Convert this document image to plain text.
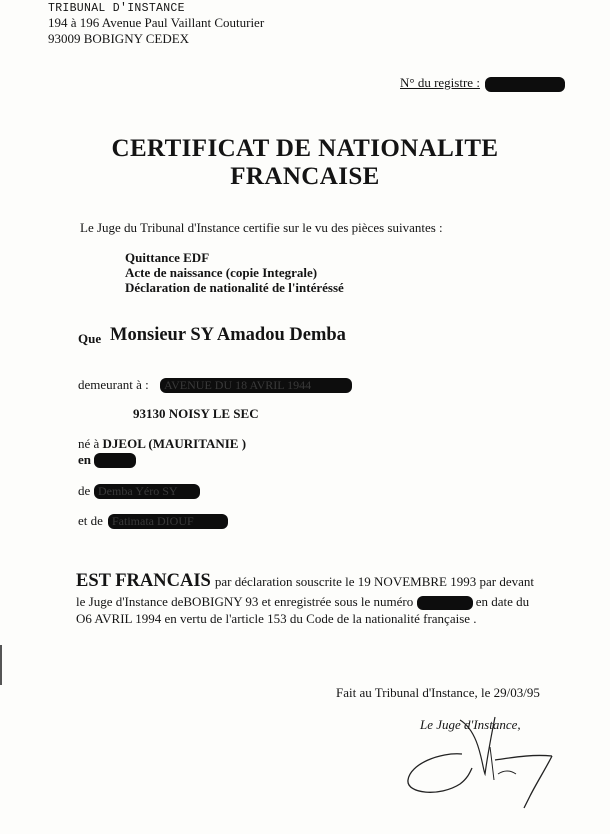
TRIBUNAL D'INSTANCE
194 à 196 Avenue Paul Vaillant Couturier
93009 BOBIGNY CEDEX
N° du registre :
CERTIFICAT DE NATIONALITE
FRANCAISE
Le Juge du Tribunal d'Instance certifie sur le vu des pièces suivantes :
Quittance EDF
Acte de naissance (copie Integrale)
Déclaration de nationalité de l'intéréssé
Que Monsieur SY Amadou Demba
demeurant à : AVENUE DU 18 AVRIL 1944
93130 NOISY LE SEC
né à DJEOL (MAURITANIE )
en
de Demba Yéro SY
et de Fatimata DIOUF
EST FRANCAIS par déclaration souscrite le 19 NOVEMBRE 1993 par devant
le Juge d'Instance deBOBIGNY 93 et enregistrée sous le numéro	en date du
O6 AVRIL 1994 en vertu de l'article 153 du Code de la nationalité française .
Fait au Tribunal d'Instance, le 29/03/95
Le Juge d'Instance,
